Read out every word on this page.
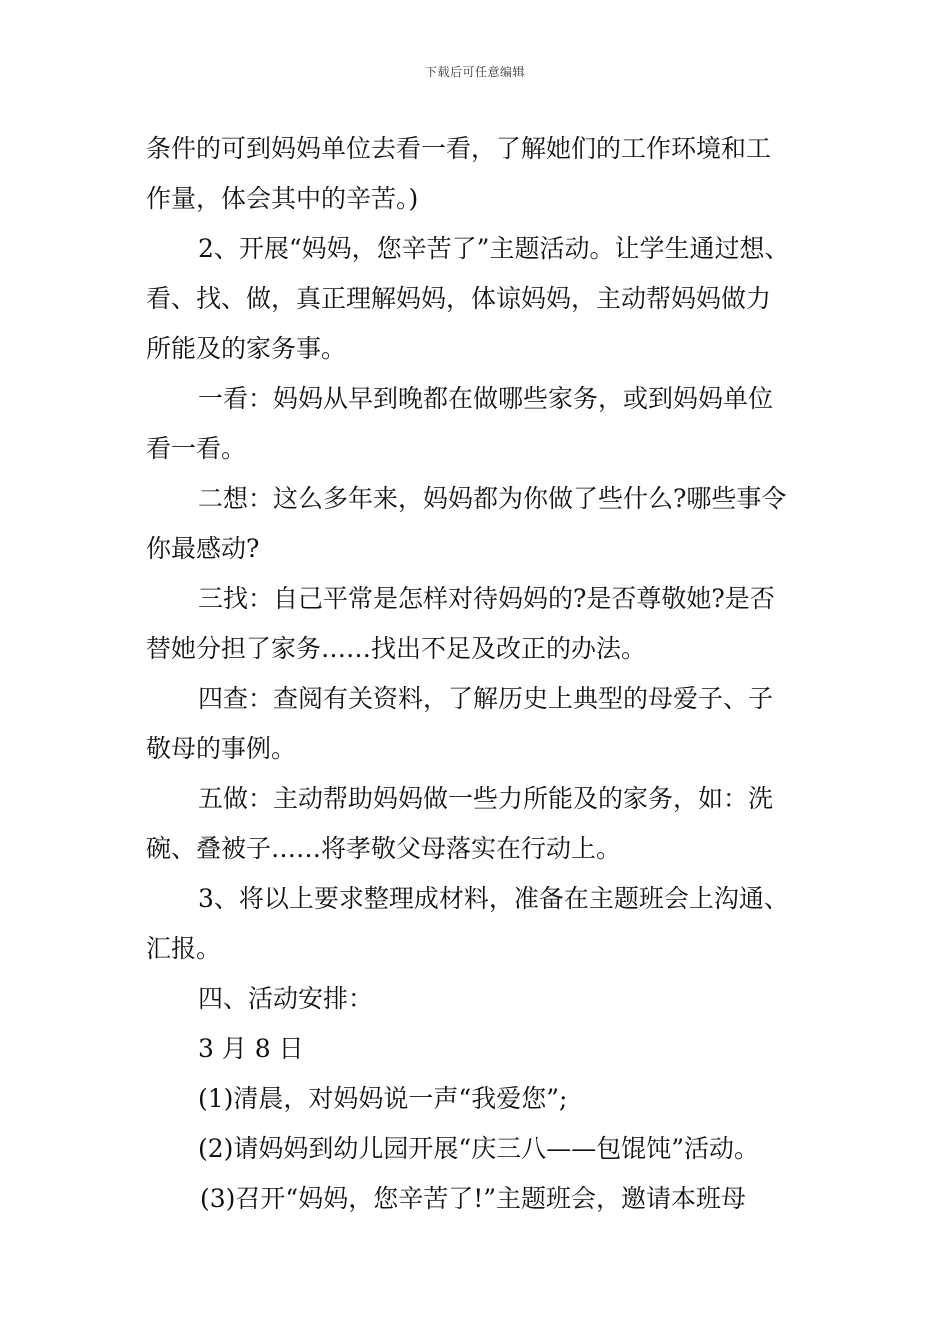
下载后可任意编辑
条件的可到妈妈单位去看一看，了解她们的工作环境和工
作量，体会其中的辛苦。)
2、开展“妈妈，您辛苦了”主题活动。让学生通过想、
看、找、做，真正理解妈妈，体谅妈妈，主动帮妈妈做力
所能及的家务事。
一看：妈妈从早到晚都在做哪些家务，或到妈妈单位
看一看。
二想：这么多年来，妈妈都为你做了些什么?哪些事令
你最感动?
三找：自己平常是怎样对待妈妈的?是否尊敬她?是否
替她分担了家务……找出不足及改正的办法。
四查：查阅有关资料，了解历史上典型的母爱子、子
敬母的事例。
五做：主动帮助妈妈做一些力所能及的家务，如：洗
碗、叠被子……将孝敬父母落实在行动上。
3、将以上要求整理成材料，准备在主题班会上沟通、
汇报。
四、活动安排：
3 月 8 日
(1)清晨，对妈妈说一声“我爱您”;
(2)请妈妈到幼儿园开展“庆三八——包馄饨”活动。
(3)召开“妈妈，您辛苦了!”主题班会，邀请本班母
